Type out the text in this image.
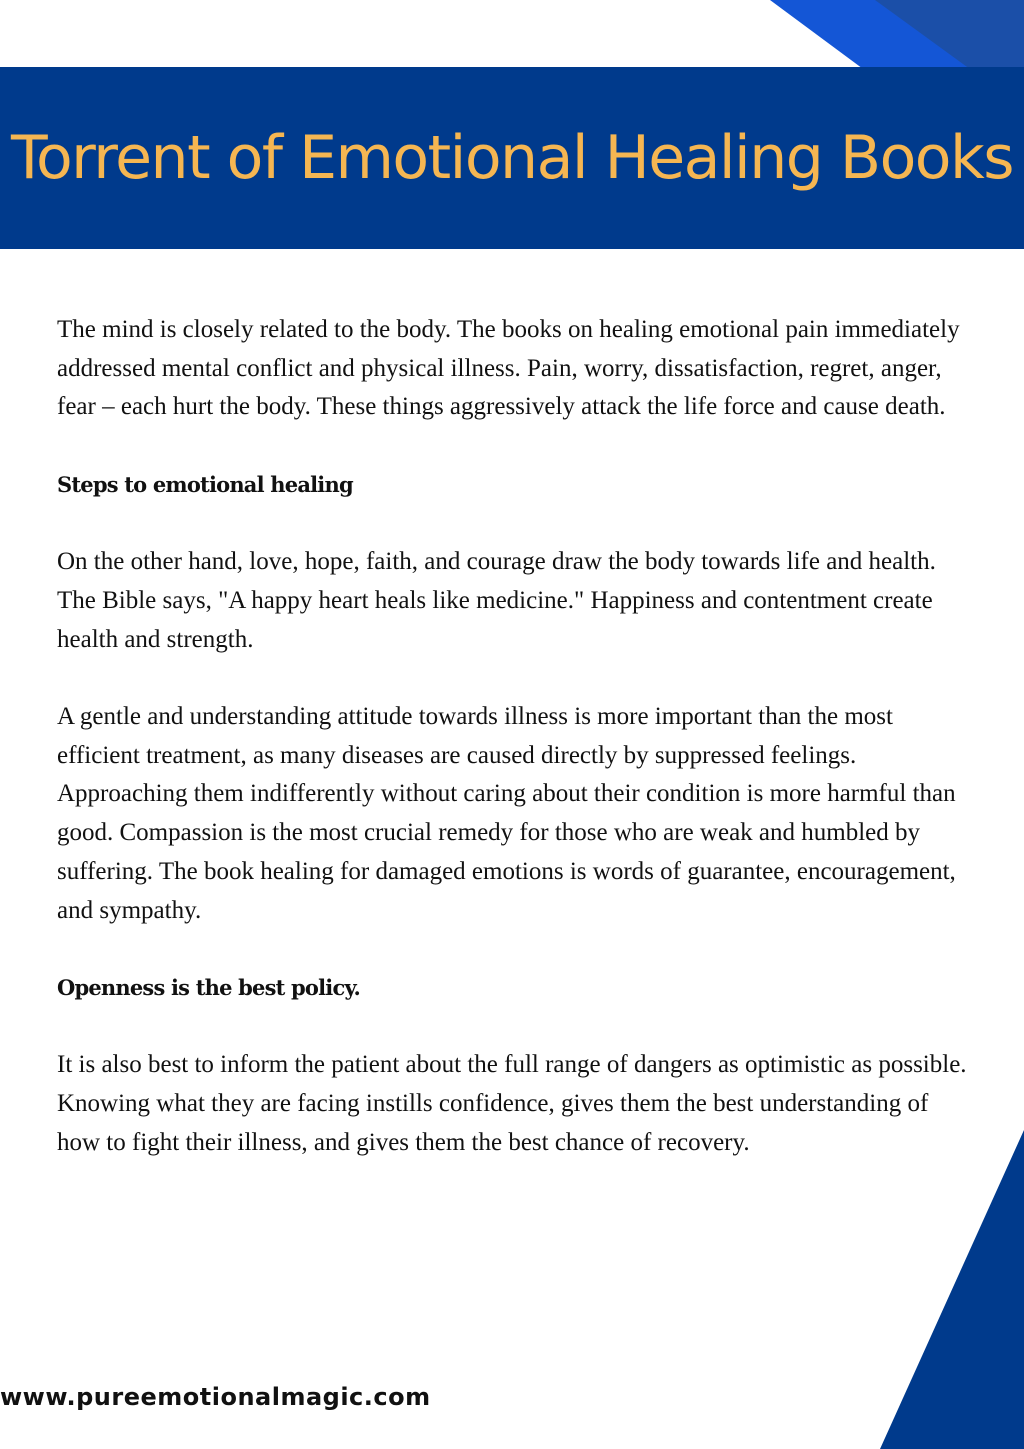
Torrent of Emotional Healing Books

The mind is closely related to the body. The books on healing emotional pain immediately addressed mental conflict and physical illness. Pain, worry, dissatisfaction, regret, anger, fear – each hurt the body. These things aggressively attack the life force and cause death.

Steps to emotional healing

On the other hand, love, hope, faith, and courage draw the body towards life and health. The Bible says, "A happy heart heals like medicine." Happiness and contentment create health and strength.

A gentle and understanding attitude towards illness is more important than the most efficient treatment, as many diseases are caused directly by suppressed feelings. Approaching them indifferently without caring about their condition is more harmful than good. Compassion is the most crucial remedy for those who are weak and humbled by suffering. The book healing for damaged emotions is words of guarantee, encouragement, and sympathy.

Openness is the best policy.

It is also best to inform the patient about the full range of dangers as optimistic as possible. Knowing what they are facing instills confidence, gives them the best understanding of how to fight their illness, and gives them the best chance of recovery.

www.pureemotionalmagic.com
